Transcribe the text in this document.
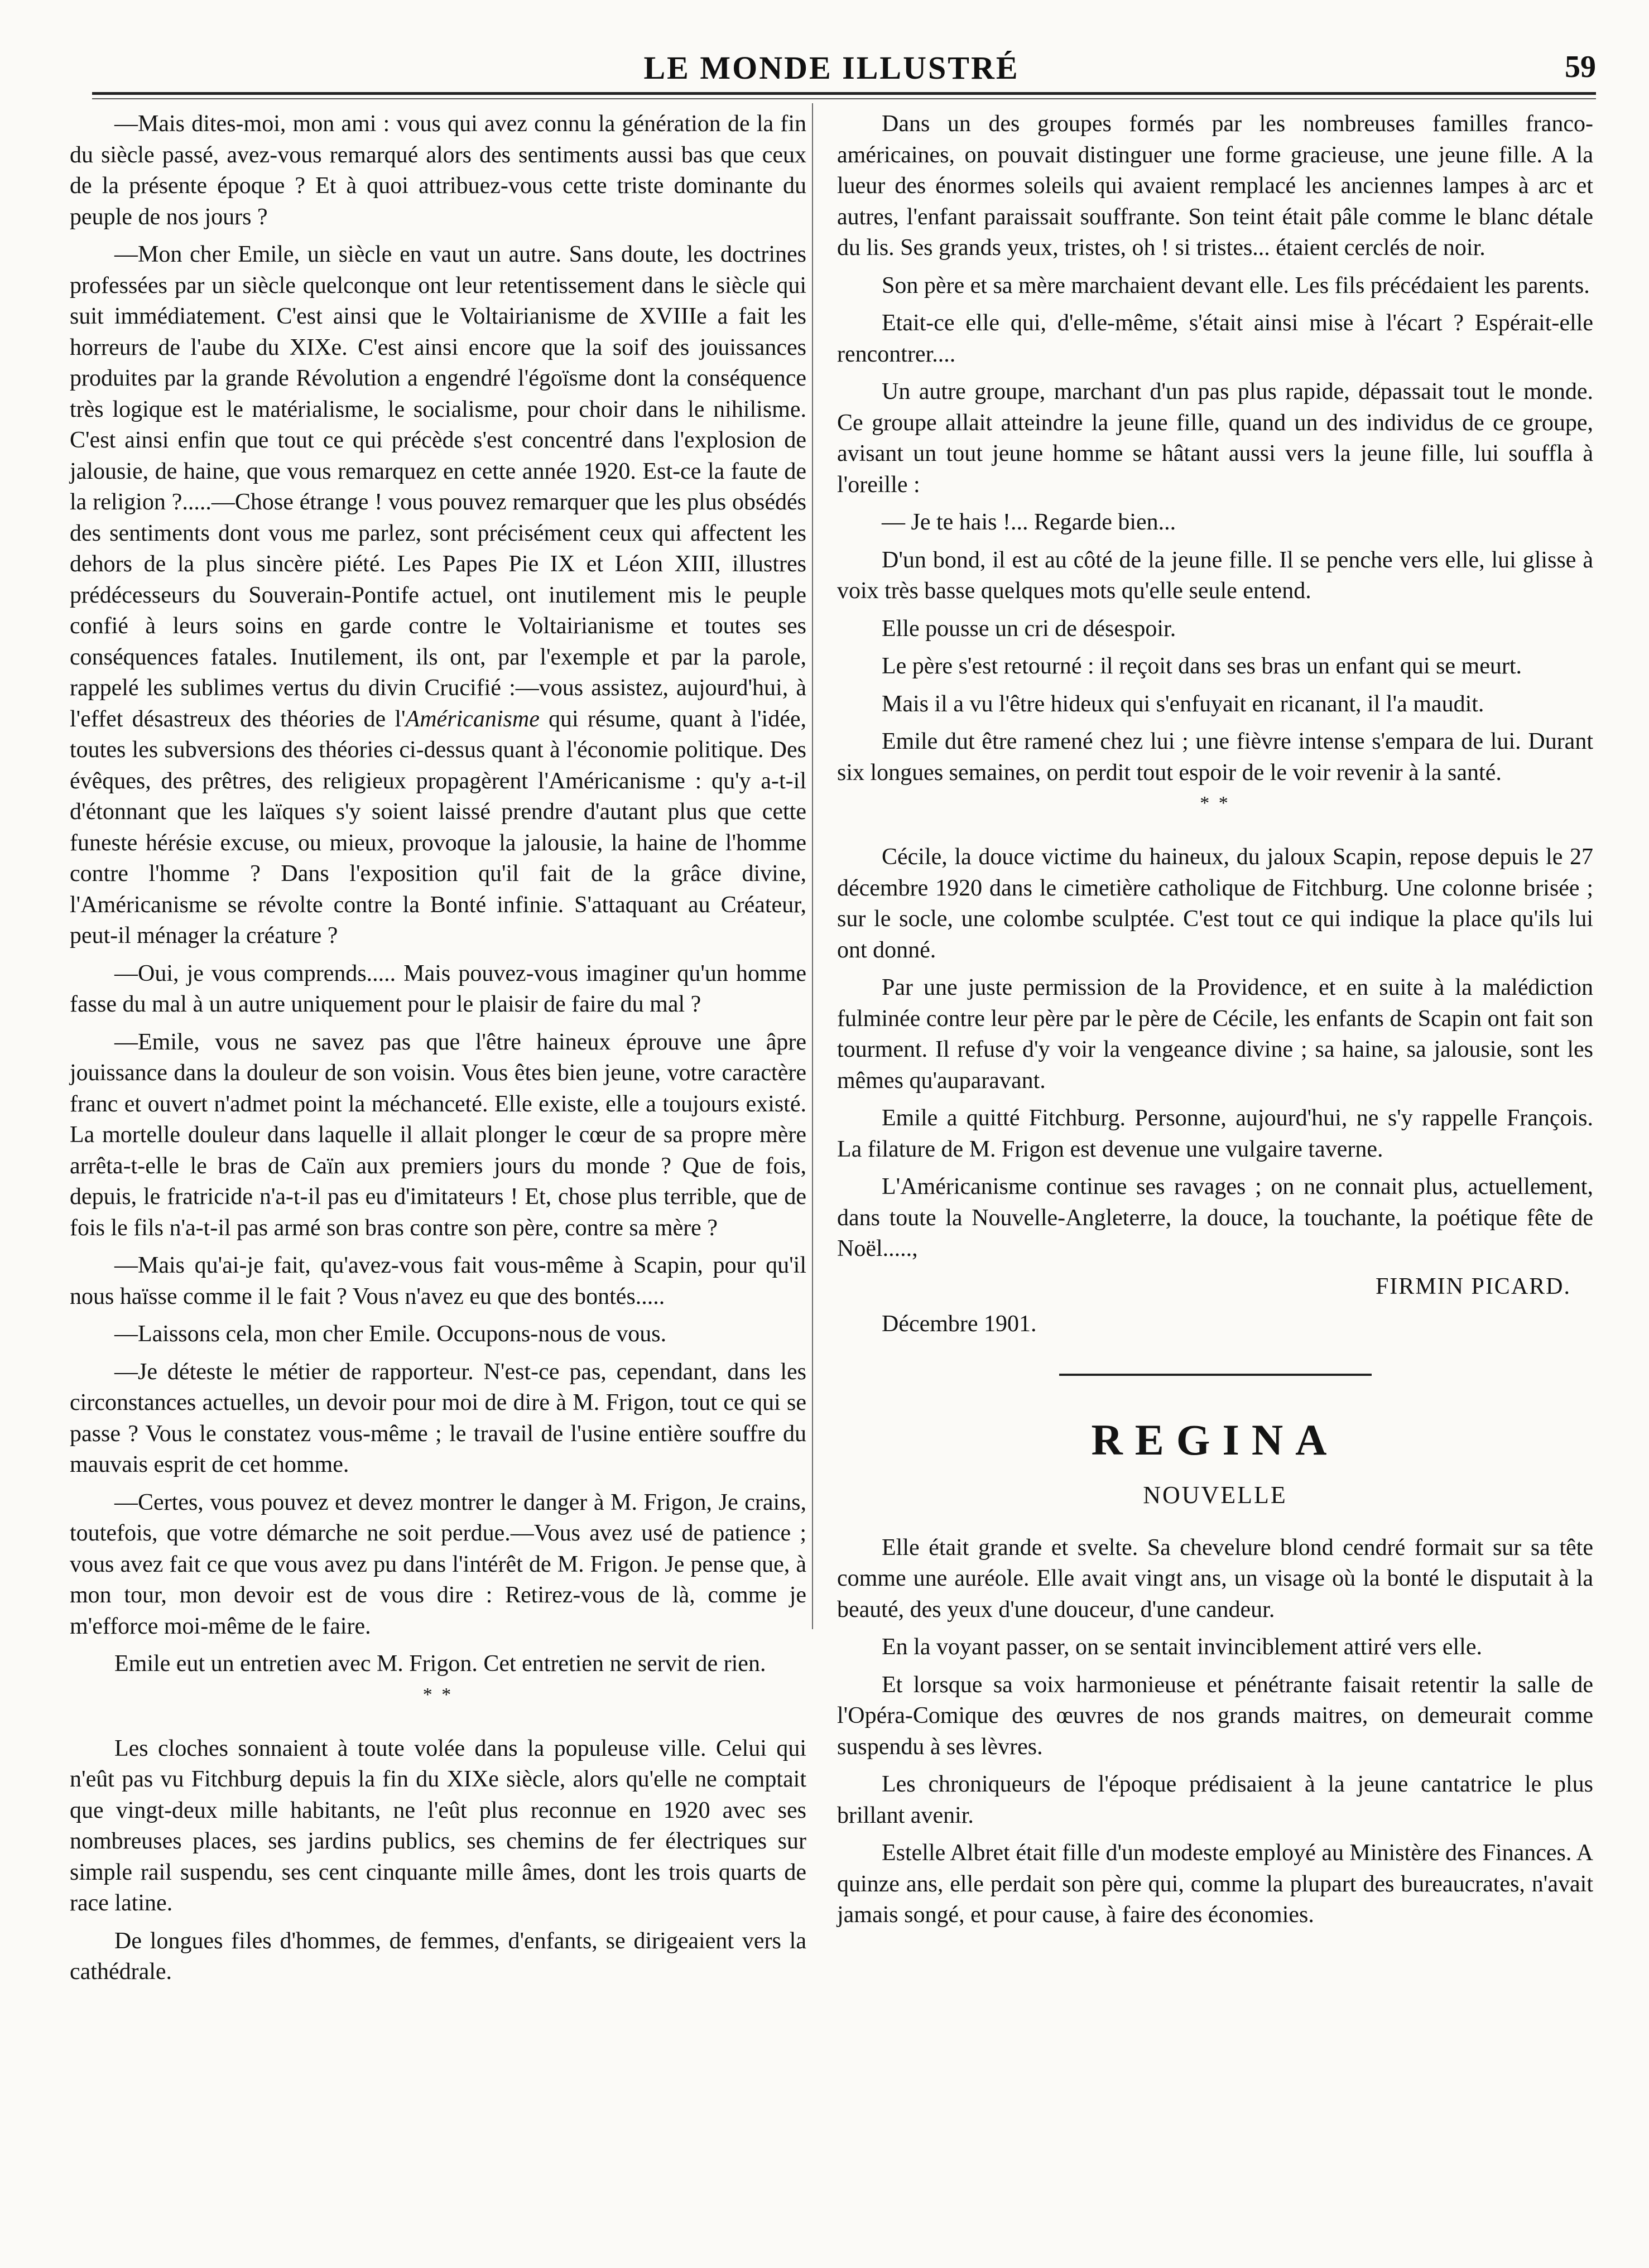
LE MONDE ILLUSTRÉ	59

—Mais dites-moi, mon ami : vous qui avez connu la génération de la fin du siècle passé, avez-vous remarqué alors des sentiments aussi bas que ceux de la présente époque ? Et à quoi attribuez-vous cette triste dominante du peuple de nos jours ?

—Mon cher Emile, un siècle en vaut un autre. Sans doute, les doctrines professées par un siècle quelconque ont leur retentissement dans le siècle qui suit immédiatement. C'est ainsi que le Voltairianisme de XVIIIe a fait les horreurs de l'aube du XIXe. C'est ainsi encore que la soif des jouissances produites par la grande Révolution a engendré l'égoïsme dont la conséquence très logique est le matérialisme, le socialisme, pour choir dans le nihilisme. C'est ainsi enfin que tout ce qui précède s'est concentré dans l'explosion de jalousie, de haine, que vous remarquez en cette année 1920. Est-ce la faute de la religion ?.....—Chose étrange ! vous pouvez remarquer que les plus obsédés des sentiments dont vous me parlez, sont précisément ceux qui affectent les dehors de la plus sincère piété. Les Papes Pie IX et Léon XIII, illustres prédécesseurs du Souverain-Pontife actuel, ont inutilement mis le peuple confié à leurs soins en garde contre le Voltairianisme et toutes ses conséquences fatales. Inutilement, ils ont, par l'exemple et par la parole, rappelé les sublimes vertus du divin Crucifié :—vous assistez, aujourd'hui, à l'effet désastreux des théories de l'Américanisme qui résume, quant à l'idée, toutes les subversions des théories ci-dessus quant à l'économie politique. Des évêques, des prêtres, des religieux propagèrent l'Américanisme : qu'y a-t-il d'étonnant que les laïques s'y soient laissé prendre d'autant plus que cette funeste hérésie excuse, ou mieux, provoque la jalousie, la haine de l'homme contre l'homme ? Dans l'exposition qu'il fait de la grâce divine, l'Américanisme se révolte contre la Bonté infinie. S'attaquant au Créateur, peut-il ménager la créature ?

—Oui, je vous comprends..... Mais pouvez-vous imaginer qu'un homme fasse du mal à un autre uniquement pour le plaisir de faire du mal ?

—Emile, vous ne savez pas que l'être haineux éprouve une âpre jouissance dans la douleur de son voisin. Vous êtes bien jeune, votre caractère franc et ouvert n'admet point la méchanceté. Elle existe, elle a toujours existé. La mortelle douleur dans laquelle il allait plonger le cœur de sa propre mère arrêta-t-elle le bras de Caïn aux premiers jours du monde ? Que de fois, depuis, le fratricide n'a-t-il pas eu d'imitateurs ! Et, chose plus terrible, que de fois le fils n'a-t-il pas armé son bras contre son père, contre sa mère ?

—Mais qu'ai-je fait, qu'avez-vous fait vous-même à Scapin, pour qu'il nous haïsse comme il le fait ? Vous n'avez eu que des bontés.....

—Laissons cela, mon cher Emile. Occupons-nous de vous.

—Je déteste le métier de rapporteur. N'est-ce pas, cependant, dans les circonstances actuelles, un devoir pour moi de dire à M. Frigon, tout ce qui se passe ? Vous le constatez vous-même ; le travail de l'usine entière souffre du mauvais esprit de cet homme.

—Certes, vous pouvez et devez montrer le danger à M. Frigon, Je crains, toutefois, que votre démarche ne soit perdue.—Vous avez usé de patience ; vous avez fait ce que vous avez pu dans l'intérêt de M. Frigon. Je pense que, à mon tour, mon devoir est de vous dire : Retirez-vous de là, comme je m'efforce moi-même de le faire.

Emile eut un entretien avec M. Frigon. Cet entretien ne servit de rien.

* *

Les cloches sonnaient à toute volée dans la populeuse ville. Celui qui n'eût pas vu Fitchburg depuis la fin du XIXe siècle, alors qu'elle ne comptait que vingt-deux mille habitants, ne l'eût plus reconnue en 1920 avec ses nombreuses places, ses jardins publics, ses chemins de fer électriques sur simple rail suspendu, ses cent cinquante mille âmes, dont les trois quarts de race latine.

De longues files d'hommes, de femmes, d'enfants, se dirigeaient vers la cathédrale.

Dans un des groupes formés par les nombreuses familles franco-américaines, on pouvait distinguer une forme gracieuse, une jeune fille. A la lueur des énormes soleils qui avaient remplacé les anciennes lampes à arc et autres, l'enfant paraissait souffrante. Son teint était pâle comme le blanc détale du lis. Ses grands yeux, tristes, oh ! si tristes... étaient cerclés de noir.

Son père et sa mère marchaient devant elle. Les fils précédaient les parents.

Etait-ce elle qui, d'elle-même, s'était ainsi mise à l'écart ? Espérait-elle rencontrer....

Un autre groupe, marchant d'un pas plus rapide, dépassait tout le monde. Ce groupe allait atteindre la jeune fille, quand un des individus de ce groupe, avisant un tout jeune homme se hâtant aussi vers la jeune fille, lui souffla à l'oreille :

— Je te hais !... Regarde bien...

D'un bond, il est au côté de la jeune fille. Il se penche vers elle, lui glisse à voix très basse quelques mots qu'elle seule entend.

Elle pousse un cri de désespoir.

Le père s'est retourné : il reçoit dans ses bras un enfant qui se meurt.

Mais il a vu l'être hideux qui s'enfuyait en ricanant, il l'a maudit.

Emile dut être ramené chez lui ; une fièvre intense s'empara de lui. Durant six longues semaines, on perdit tout espoir de le voir revenir à la santé.

* *

Cécile, la douce victime du haineux, du jaloux Scapin, repose depuis le 27 décembre 1920 dans le cimetière catholique de Fitchburg. Une colonne brisée ; sur le socle, une colombe sculptée. C'est tout ce qui indique la place qu'ils lui ont donné.

Par une juste permission de la Providence, et en suite à la malédiction fulminée contre leur père par le père de Cécile, les enfants de Scapin ont fait son tourment. Il refuse d'y voir la vengeance divine ; sa haine, sa jalousie, sont les mêmes qu'auparavant.

Emile a quitté Fitchburg. Personne, aujourd'hui, ne s'y rappelle François. La filature de M. Frigon est devenue une vulgaire taverne.

L'Américanisme continue ses ravages ; on ne connait plus, actuellement, dans toute la Nouvelle-Angleterre, la douce, la touchante, la poétique fête de Noël.....,

FIRMIN PICARD.

Décembre 1901.

REGINA
NOUVELLE

Elle était grande et svelte. Sa chevelure blond cendré formait sur sa tête comme une auréole. Elle avait vingt ans, un visage où la bonté le disputait à la beauté, des yeux d'une douceur, d'une candeur.

En la voyant passer, on se sentait invinciblement attiré vers elle.

Et lorsque sa voix harmonieuse et pénétrante faisait retentir la salle de l'Opéra-Comique des œuvres de nos grands maitres, on demeurait comme suspendu à ses lèvres.

Les chroniqueurs de l'époque prédisaient à la jeune cantatrice le plus brillant avenir.

Estelle Albret était fille d'un modeste employé au Ministère des Finances. A quinze ans, elle perdait son père qui, comme la plupart des bureaucrates, n'avait jamais songé, et pour cause, à faire des économies.
